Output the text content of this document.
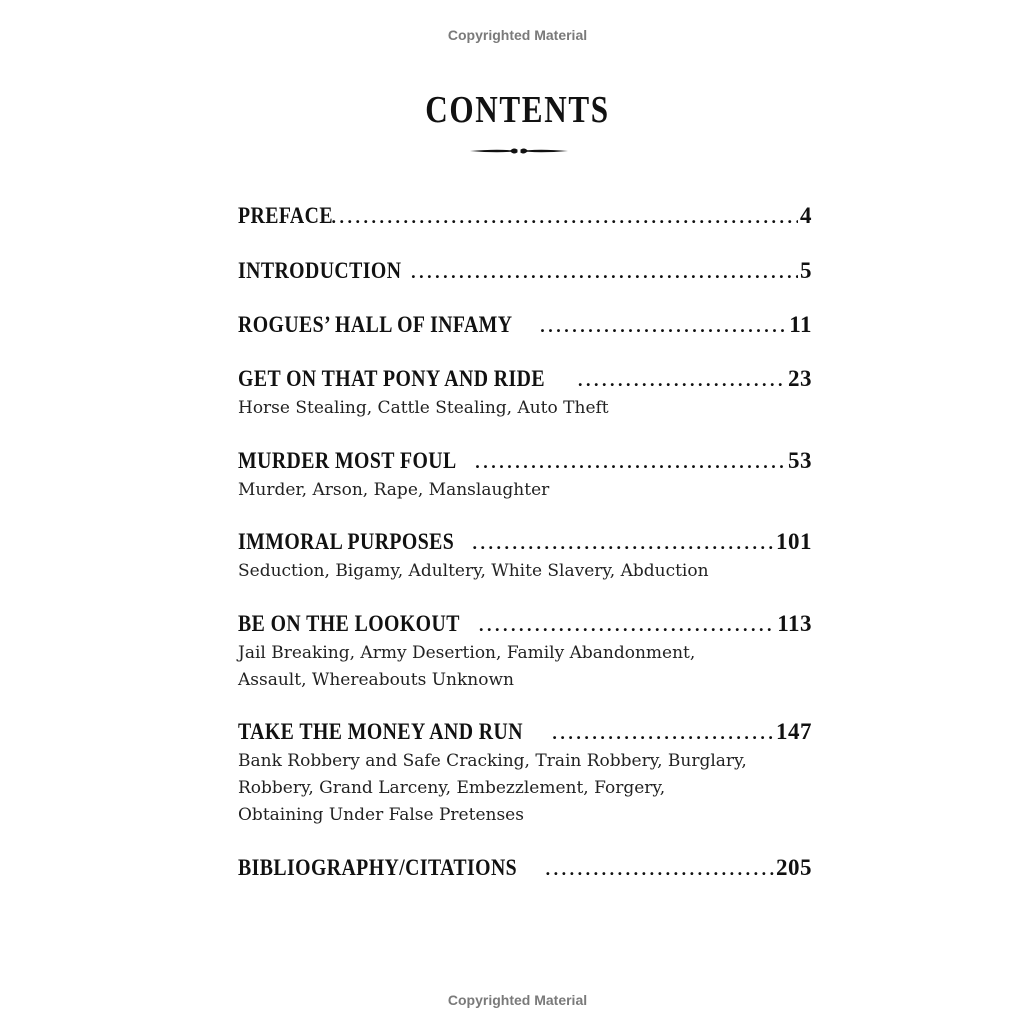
Copyrighted Material
CONTENTS
PREFACE . . .	4
INTRODUCTION . . .	5
ROGUES’ HALL OF INFAMY . . .	11
GET ON THAT PONY AND RIDE . . .	23
Horse Stealing, Cattle Stealing, Auto Theft
MURDER MOST FOUL . . .	53
Murder, Arson, Rape, Manslaughter
IMMORAL PURPOSES . . .	101
Seduction, Bigamy, Adultery, White Slavery, Abduction
BE ON THE LOOKOUT . . .	113
Jail Breaking, Army Desertion, Family Abandonment,
Assault, Whereabouts Unknown
TAKE THE MONEY AND RUN . . .	147
Bank Robbery and Safe Cracking, Train Robbery, Burglary,
Robbery, Grand Larceny, Embezzlement, Forgery,
Obtaining Under False Pretenses
BIBLIOGRAPHY/CITATIONS . . .	205
Copyrighted Material
